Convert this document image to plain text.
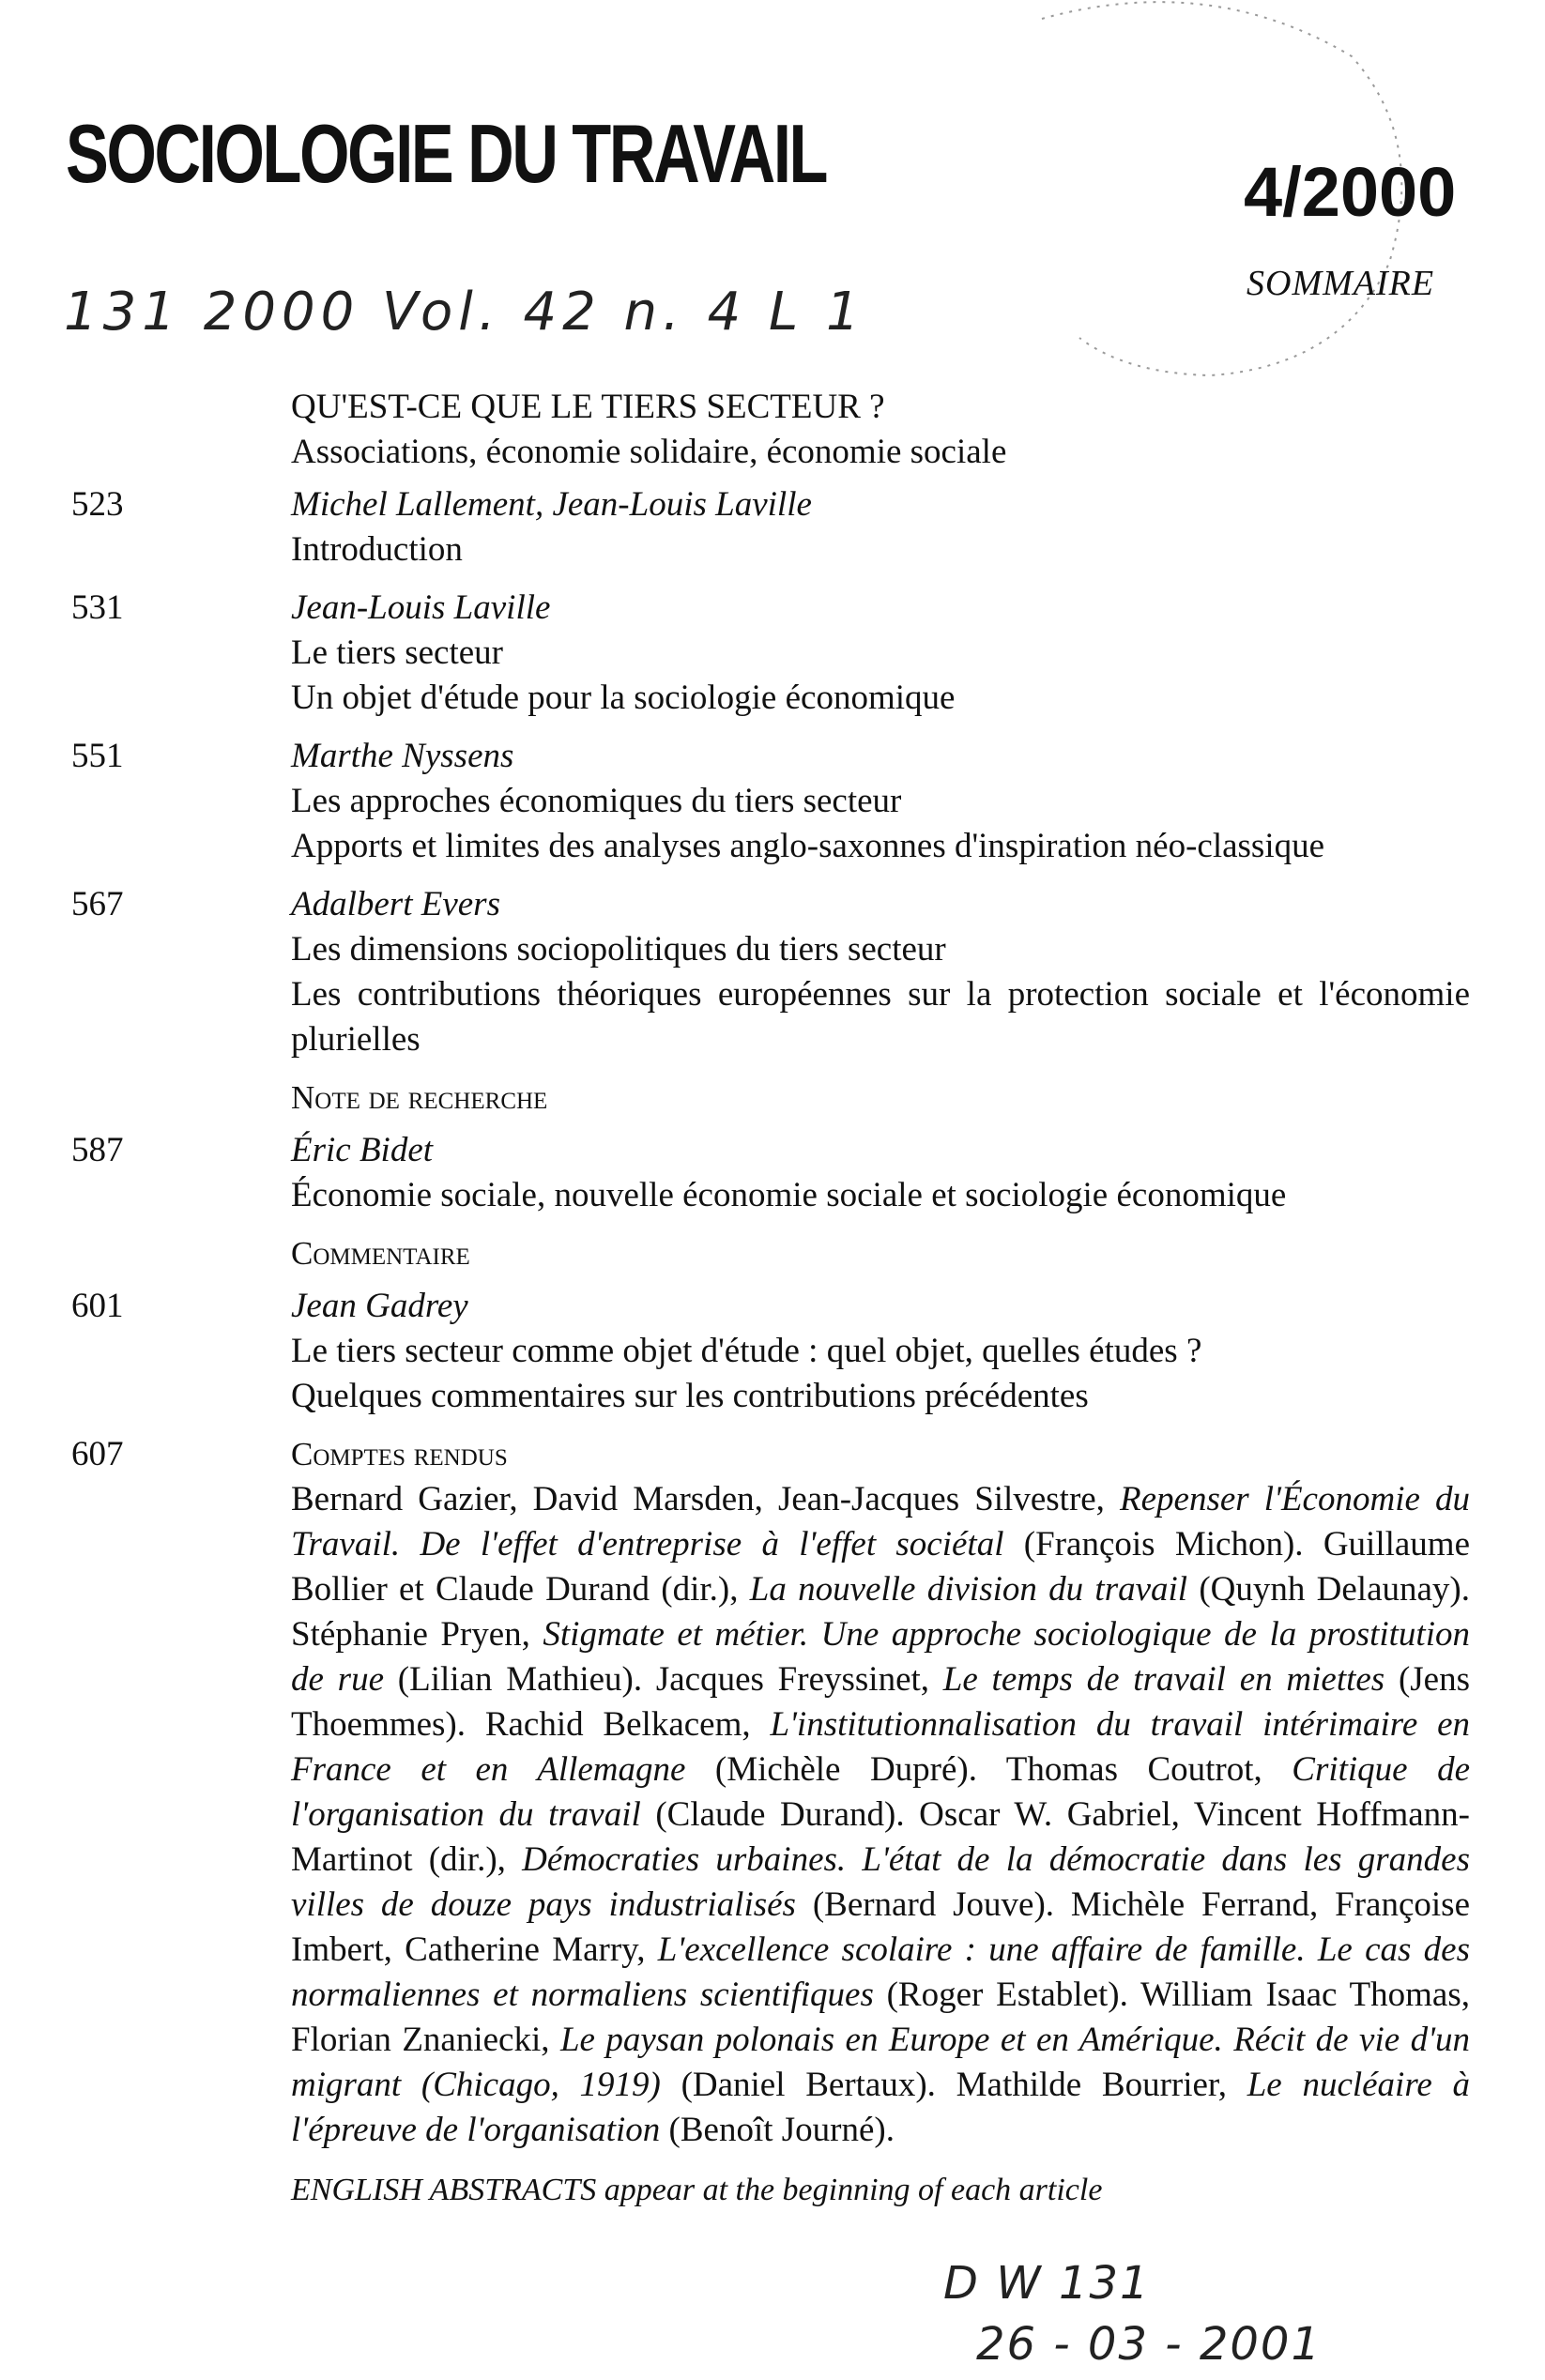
SOCIOLOGIE DU TRAVAIL	4/2000
SOMMAIRE
131 2000 Vol. 42 n. 4 L 1
QU'EST-CE QUE LE TIERS SECTEUR ?
Associations, économie solidaire, économie sociale
523	Michel Lallement, Jean-Louis Laville
Introduction
531	Jean-Louis Laville
Le tiers secteur
Un objet d'étude pour la sociologie économique
551	Marthe Nyssens
Les approches économiques du tiers secteur
Apports et limites des analyses anglo-saxonnes d'inspiration néo-classique
567	Adalbert Evers
Les dimensions sociopolitiques du tiers secteur
Les contributions théoriques européennes sur la protection sociale et l'économie plurielles
Note de recherche
587	Éric Bidet
Économie sociale, nouvelle économie sociale et sociologie économique
Commentaire
601	Jean Gadrey
Le tiers secteur comme objet d'étude : quel objet, quelles études ?
Quelques commentaires sur les contributions précédentes
607	Comptes rendus
Bernard Gazier, David Marsden, Jean-Jacques Silvestre, Repenser l'Économie du Travail. De l'effet d'entreprise à l'effet sociétal (François Michon). Guillaume Bollier et Claude Durand (dir.), La nouvelle division du travail (Quynh Delaunay). Stéphanie Pryen, Stigmate et métier. Une approche sociologique de la prostitution de rue (Lilian Mathieu). Jacques Freyssinet, Le temps de travail en miettes (Jens Thoemmes). Rachid Belkacem, L'institutionnalisation du travail intérimaire en France et en Allemagne (Michèle Dupré). Thomas Coutrot, Critique de l'organisation du travail (Claude Durand). Oscar W. Gabriel, Vincent Hoffmann-Martinot (dir.), Démocraties urbaines. L'état de la démocratie dans les grandes villes de douze pays industrialisés (Bernard Jouve). Michèle Ferrand, Françoise Imbert, Catherine Marry, L'excellence scolaire : une affaire de famille. Le cas des normaliennes et normaliens scientifiques (Roger Establet). William Isaac Thomas, Florian Znaniecki, Le paysan polonais en Europe et en Amérique. Récit de vie d'un migrant (Chicago, 1919) (Daniel Bertaux). Mathilde Bourrier, Le nucléaire à l'épreuve de l'organisation (Benoît Journé).
ENGLISH ABSTRACTS appear at the beginning of each article
D W 131
26 - 03 - 2001
